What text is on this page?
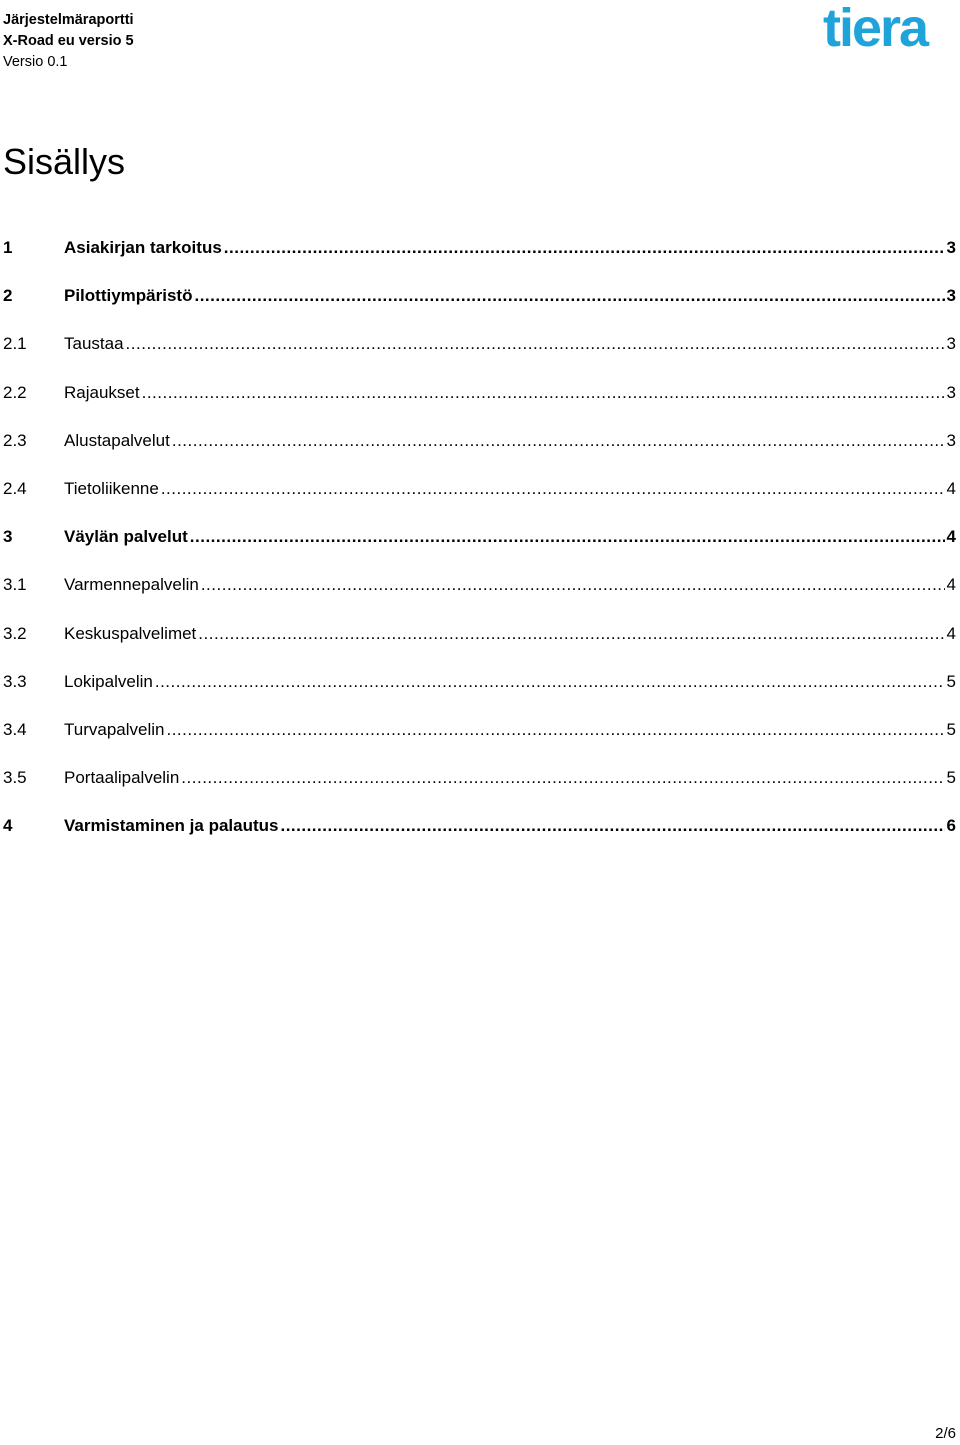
Järjestelmäraportti
X-Road eu versio 5
Versio 0.1
tiera
Sisällys
1	Asiakirjan tarkoitus .....	3
2	Pilottiympäristö .....	3
2.1	Taustaa .....	3
2.2	Rajaukset .....	3
2.3	Alustapalvelut .....	3
2.4	Tietoliikenne .....	4
3	Väylän palvelut .....	4
3.1	Varmennepalvelin .....	4
3.2	Keskuspalvelimet .....	4
3.3	Lokipalvelin .....	5
3.4	Turvapalvelin .....	5
3.5	Portaalipalvelin .....	5
4	Varmistaminen ja palautus .....	6
2/6
